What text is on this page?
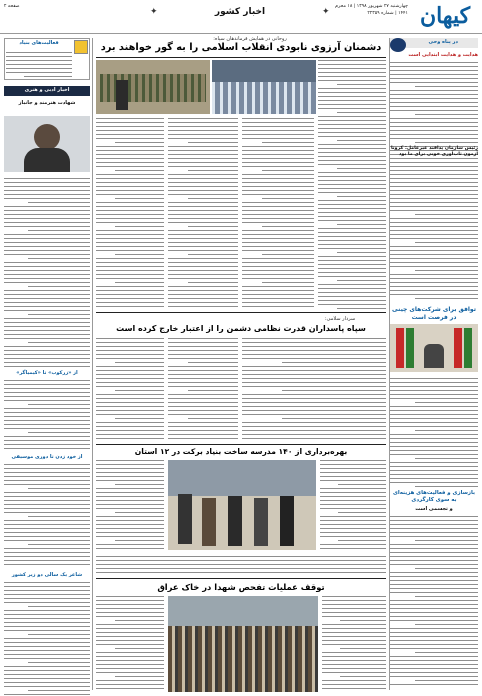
کیهان
چهارشنبه ۲۷ شهریور ۱۳۹۸ | ۱۸ محرم ۱۴۴۱ | شماره ۲۲۳۵۹
✦	اخبار کشور	✦
صفحه ۲
در پناه وحی
هدایت و هدایت ابتدایی است
رئیس سازمان پدافند غیرعامل: کرونا آزمون تاب‌آوری خوبی برای ما بود
توافق برای شرکت‌های چینی در فرصت است
بازسازی و فعالیت‌های هزینه‌ای به سوی کارگردی
و تجسمی است
روحانی در همایش فرماندهان سپاه:
دشمنان آرزوی نابودی انقلاب اسلامی را به گور خواهند برد
سردار سلامی:
سپاه پاسداران قدرت نظامی دشمن را از اعتبار خارج کرده است
بهره‌برداری از ۱۴۰ مدرسه ساخت بنیاد برکت در ۱۲ استان
توقف عملیات تفحص شهدا در خاک عراق
فعالیت‌های بنیاد
اخبار ادبی و هنری
شهادت هنرمند و جانباز
از «زرکوب» تا «کیمیاگر»
از خود زدن تا دوری موسیقی
شاعر یک سالی دو زیر کشور
